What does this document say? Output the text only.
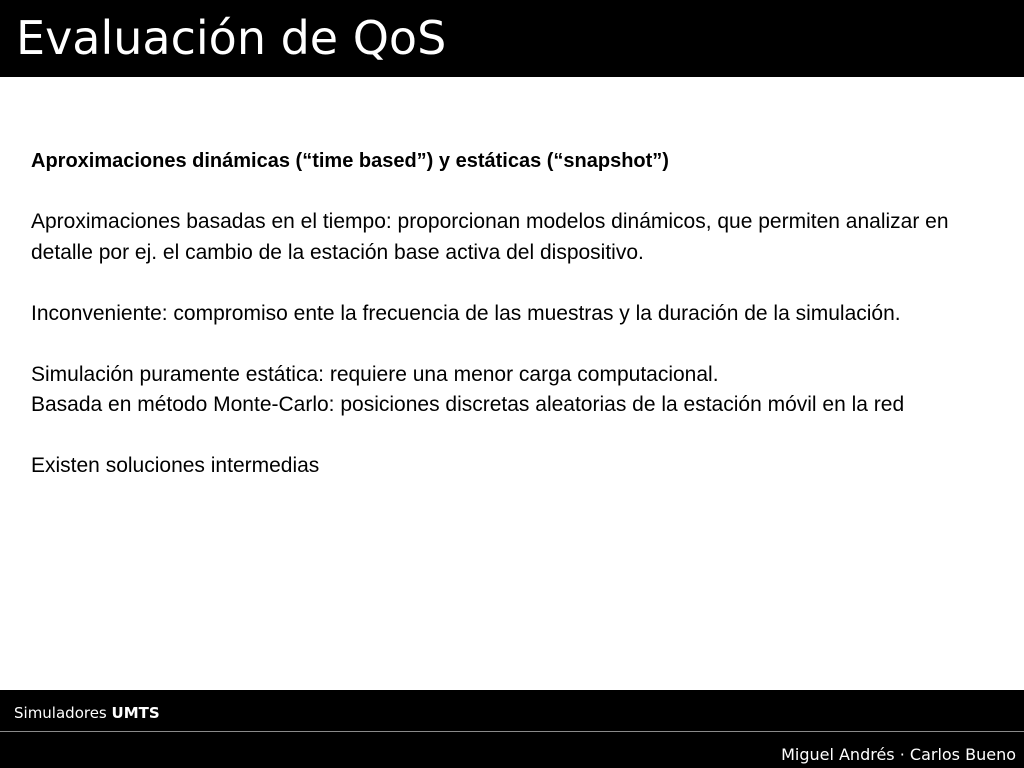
Evaluación de QoS

Aproximaciones dinámicas (“time based”) y estáticas (“snapshot”)

Aproximaciones basadas en el tiempo: proporcionan modelos dinámicos, que permiten analizar en detalle por ej. el cambio de la estación base activa del dispositivo.

Inconveniente: compromiso ente la frecuencia de las muestras y la duración de la simulación.

Simulación puramente estática: requiere una menor carga computacional.

Basada en método Monte-Carlo: posiciones discretas aleatorias de la estación móvil en la red

Existen soluciones intermedias

Simuladores UMTS
Miguel Andrés · Carlos Bueno
